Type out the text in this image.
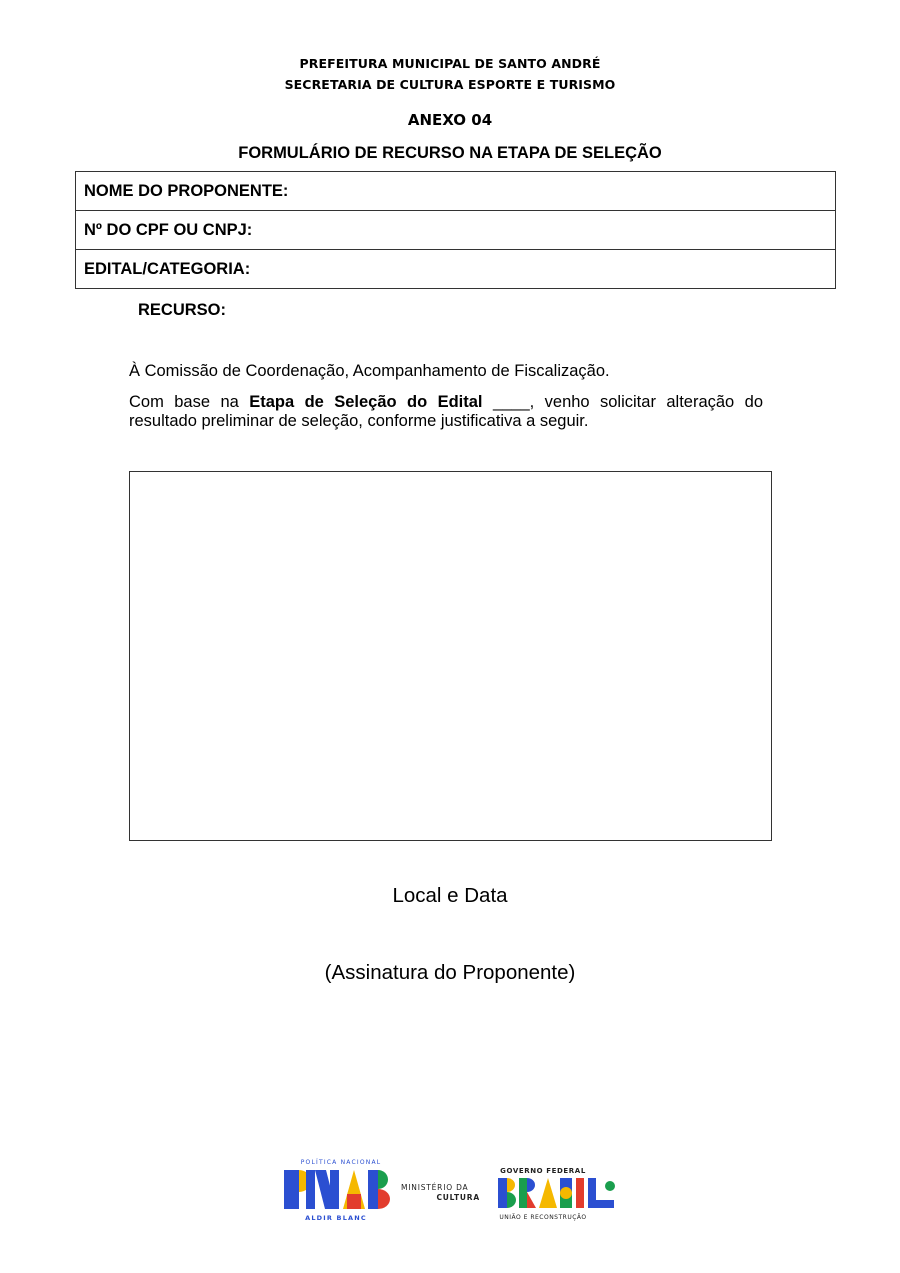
PREFEITURA MUNICIPAL DE SANTO ANDRÉ
SECRETARIA DE CULTURA ESPORTE E TURISMO
ANEXO 04
FORMULÁRIO DE RECURSO NA ETAPA DE SELEÇÃO
NOME DO PROPONENTE:
Nº DO CPF OU CNPJ:
EDITAL/CATEGORIA:
RECURSO:
À Comissão de Coordenação, Acompanhamento de Fiscalização.
Com base na Etapa de Seleção do Edital ____, venho solicitar alteração do resultado preliminar de seleção, conforme justificativa a seguir.
Local e Data
(Assinatura do Proponente)
POLÍTICA NACIONAL
ALDIR BLANC
MINISTÉRIO DA
CULTURA
GOVERNO FEDERAL
UNIÃO E RECONSTRUÇÃO
